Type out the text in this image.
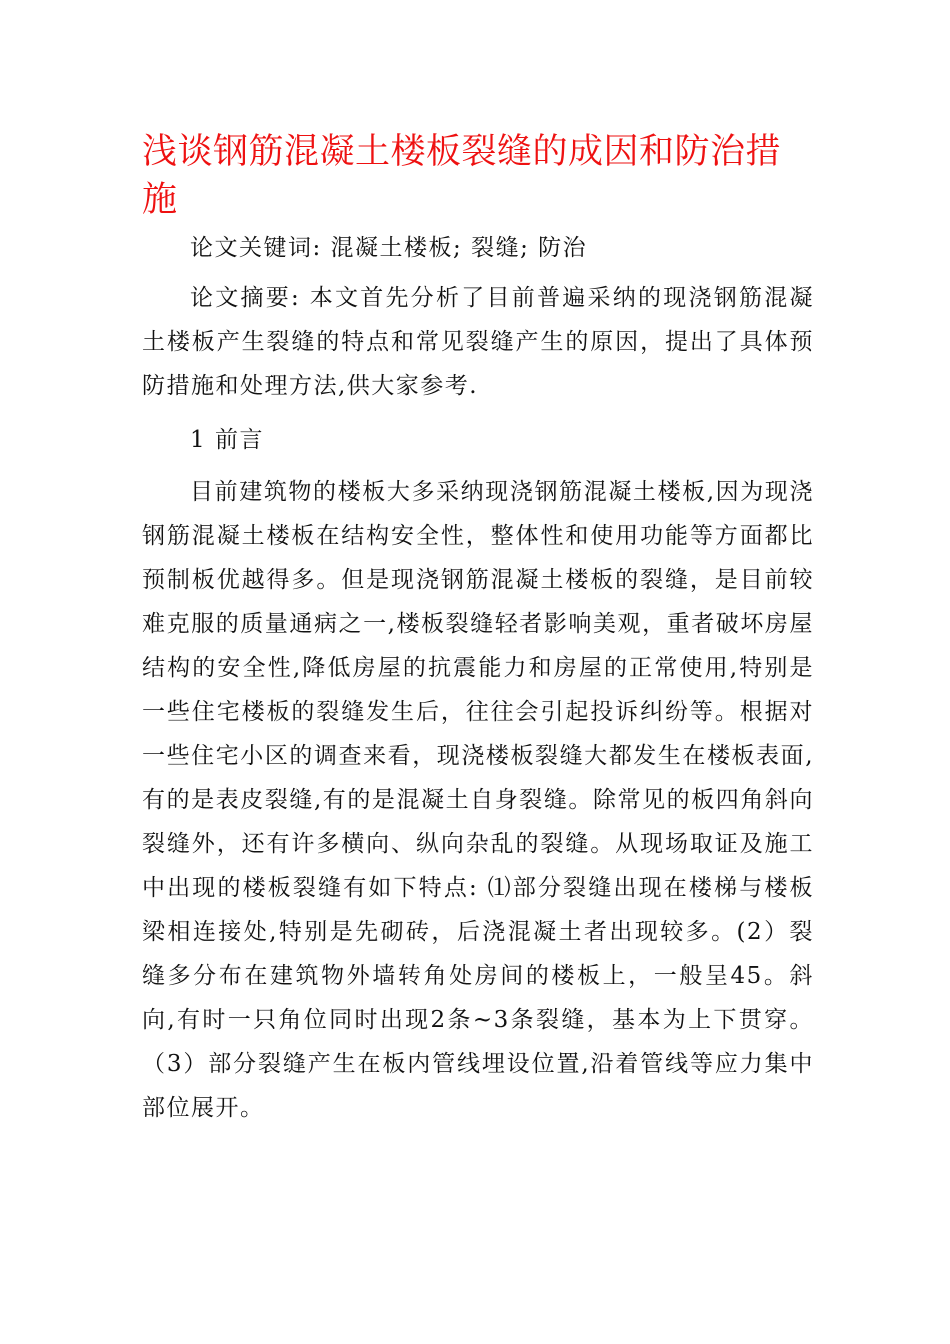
浅谈钢筋混凝土楼板裂缝的成因和防治措施

论文关键词: 混凝土楼板; 裂缝; 防治

论文摘要: 本文首先分析了目前普遍采纳的现浇钢筋混凝土楼板产生裂缝的特点和常见裂缝产生的原因，提出了具体预防措施和处理方法,供大家参考.

1 前言

目前建筑物的楼板大多采纳现浇钢筋混凝土楼板,因为现浇钢筋混凝土楼板在结构安全性，整体性和使用功能等方面都比预制板优越得多。但是现浇钢筋混凝土楼板的裂缝，是目前较难克服的质量通病之一,楼板裂缝轻者影响美观，重者破坏房屋结构的安全性,降低房屋的抗震能力和房屋的正常使用,特别是一些住宅楼板的裂缝发生后，往往会引起投诉纠纷等。根据对一些住宅小区的调查来看，现浇楼板裂缝大都发生在楼板表面,有的是表皮裂缝,有的是混凝土自身裂缝。除常见的板四角斜向裂缝外，还有许多横向、纵向杂乱的裂缝。从现场取证及施工中出现的楼板裂缝有如下特点: ⑴部分裂缝出现在楼梯与楼板梁相连接处,特别是先砌砖，后浇混凝土者出现较多。(2）裂缝多分布在建筑物外墙转角处房间的楼板上，一般呈45。斜向,有时一只角位同时出现2条~3条裂缝，基本为上下贯穿。（3）部分裂缝产生在板内管线埋设位置,沿着管线等应力集中部位展开。
